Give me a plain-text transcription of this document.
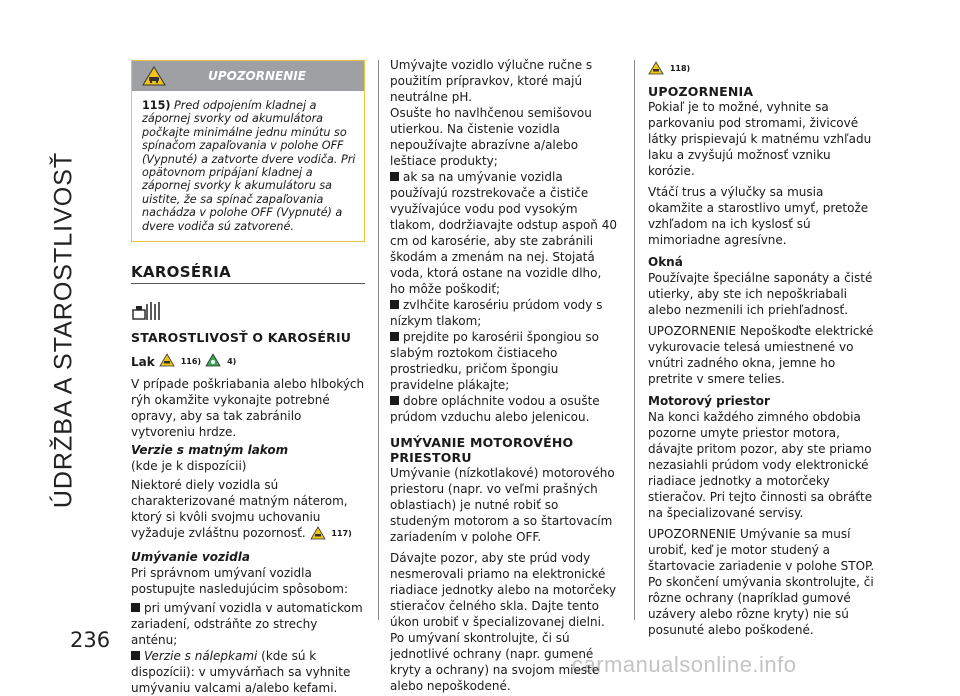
ÚDRŽBA A STAROSTLIVOSŤ
236
carmanualsonline.info
UPOZORNENIE
115) Pred odpojením kladnej a zápornej svorky od akumulátora počkajte minimálne jednu minútu so spínačom zapaľovania v polohe OFF (Vypnuté) a zatvorte dvere vodiča. Pri opätovnom pripájaní kladnej a zápornej svorky k akumulátoru sa uistite, že sa spínač zapaľovania nachádza v polohe OFF (Vypnuté) a dvere vodiča sú zatvorené.
KAROSÉRIA
STAROSTLIVOSŤ O KAROSÉRIU
Lak	116)	4)
V prípade poškriabania alebo hlbokých rýh okamžite vykonajte potrebné opravy, aby sa tak zabránilo vytvoreniu hrdze.
Verzie s matným lakom
(kde je k dispozícii)
Niektoré diely vozidla sú charakterizované matným náterom, ktorý si kvôli svojmu uchovaniu vyžaduje zvláštnu pozornosť.	117)
Umývanie vozidla
Pri správnom umývaní vozidla postupujte nasledujúcim spôsobom:
pri umývaní vozidla v automatickom zariadení, odstráňte zo strechy anténu;
Verzie s nálepkami (kde sú k dispozícii): v umyvárňach sa vyhnite umývaniu valcami a/alebo kefami.
Umývajte vozidlo výlučne ručne s použitím prípravkov, ktoré majú neutrálne pH.
Osušte ho navlhčenou semišovou utierkou. Na čistenie vozidla nepoužívajte abrazívne a/alebo leštiace produkty;
ak sa na umývanie vozidla používajú rozstrekovače a čističe využívajúce vodu pod vysokým tlakom, dodržiavajte odstup aspoň 40 cm od karosérie, aby ste zabránili škodám a zmenám na nej. Stojatá voda, ktorá ostane na vozidle dlho, ho môže poškodiť;
zvlhčite karosériu prúdom vody s nízkym tlakom;
prejdite po karosérii špongiou so slabým roztokom čistiaceho prostriedku, pričom špongiu pravidelne plákajte;
dobre opláchnite vodou a osušte prúdom vzduchu alebo jelenicou.
UMÝVANIE MOTOROVÉHO PRIESTORU
Umývanie (nízkotlakové) motorového priestoru (napr. vo veľmi prašných oblastiach) je nutné robiť so studeným motorom a so štartovacím zariadením v polohe OFF.
Dávajte pozor, aby ste prúd vody nesmerovali priamo na elektronické riadiace jednotky alebo na motorčeky stieračov čelného skla. Dajte tento úkon urobiť v špecializovanej dielni. Po umývaní skontrolujte, či sú jednotlivé ochrany (napr. gumené kryty a ochrany) na svojom mieste alebo nepoškodené.
118)
UPOZORNENIA
Pokiaľ je to možné, vyhnite sa parkovaniu pod stromami, živicové látky prispievajú k matnému vzhľadu laku a zvyšujú možnosť vzniku korózie.
Vtáčí trus a výlučky sa musia okamžite a starostlivo umyť, pretože vzhľadom na ich kyslosť sú mimoriadne agresívne.
Okná
Používajte špeciálne saponáty a čisté utierky, aby ste ich nepoškriabali alebo nezmenili ich priehľadnosť.
UPOZORNENIE Nepoškoďte elektrické vykurovacie telesá umiestnené vo vnútri zadného okna, jemne ho pretrite v smere telies.
Motorový priestor
Na konci každého zimného obdobia pozorne umyte priestor motora, dávajte pritom pozor, aby ste priamo nezasiahli prúdom vody elektronické riadiace jednotky a motorčeky stieračov. Pri tejto činnosti sa obráťte na špecializované servisy.
UPOZORNENIE Umývanie sa musí urobiť, keď je motor studený a štartovacie zariadenie v polohe STOP. Po skončení umývania skontrolujte, či rôzne ochrany (napríklad gumové uzávery alebo rôzne kryty) nie sú posunuté alebo poškodené.
